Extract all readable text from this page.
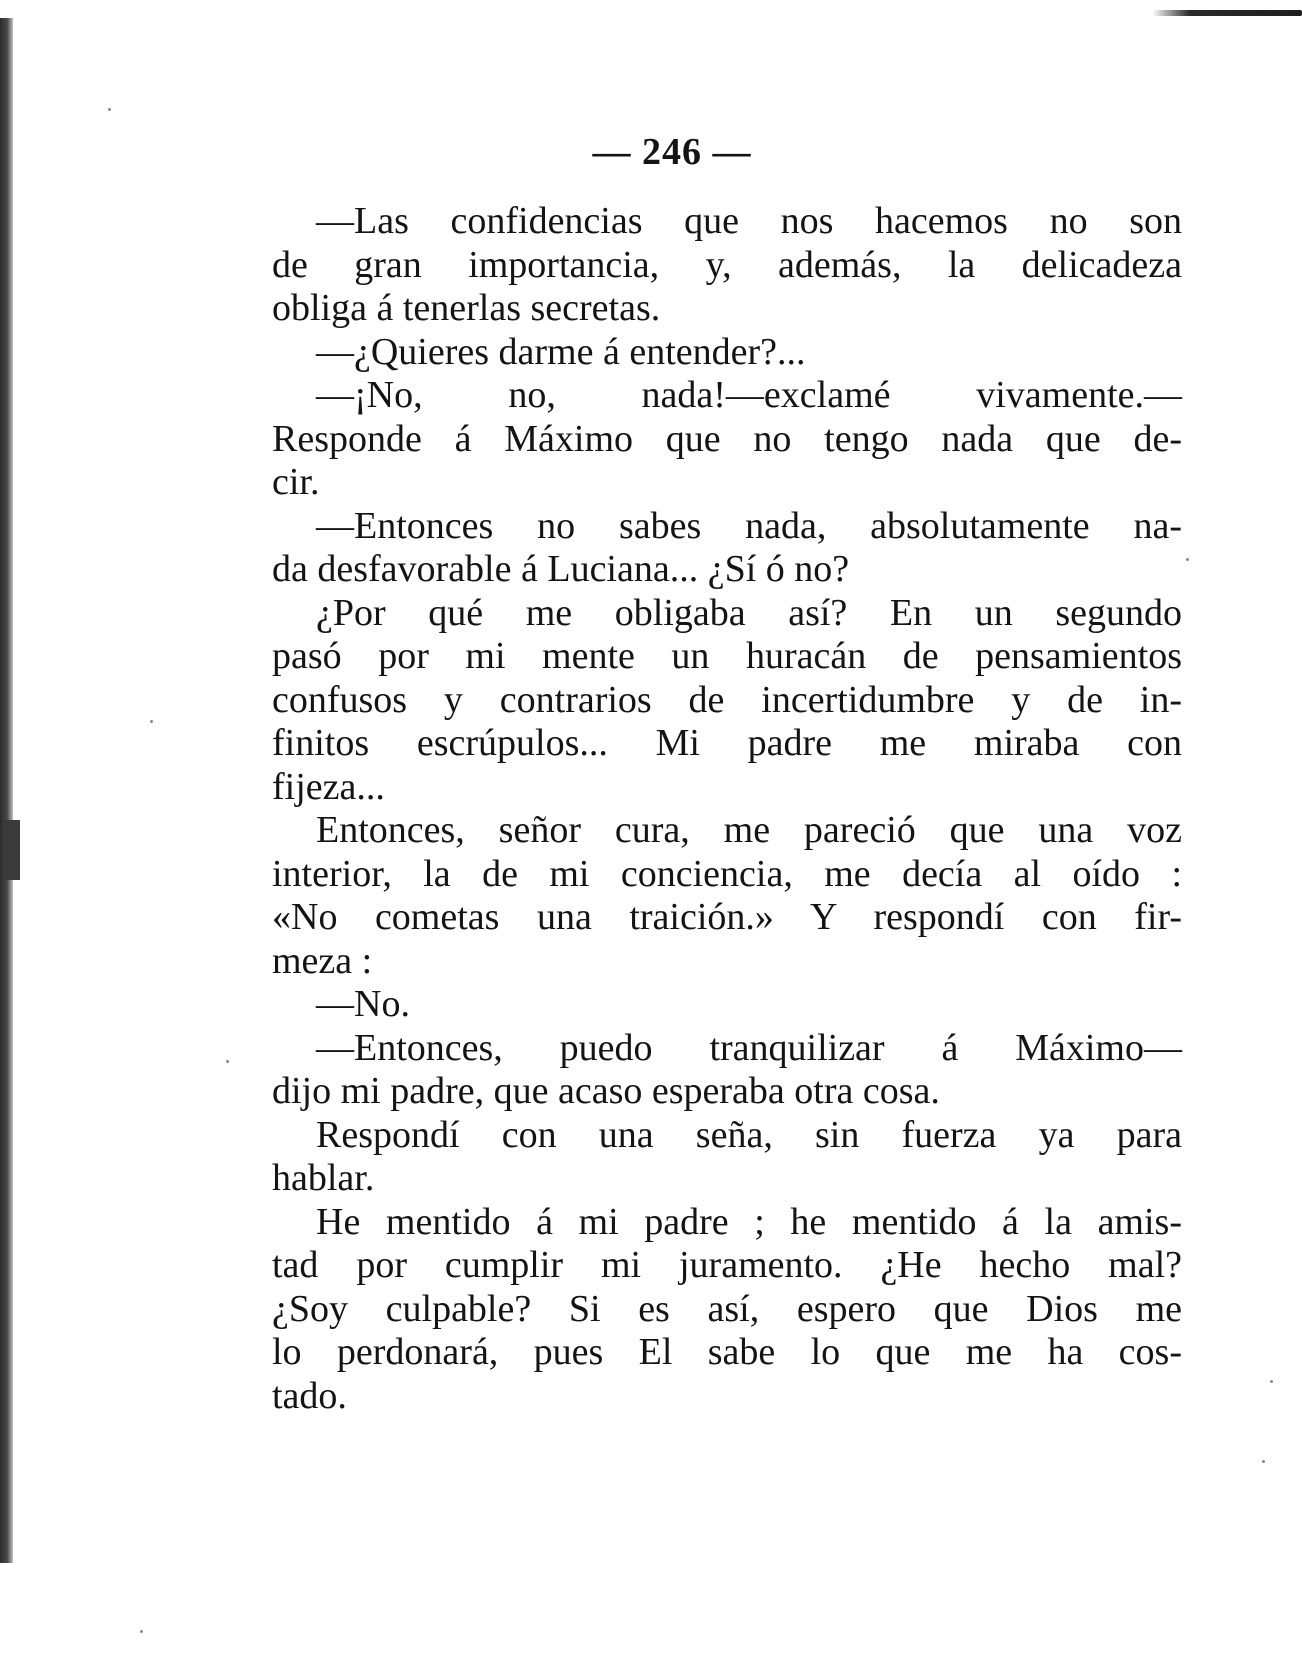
— 246 —

—Las confidencias que nos hacemos no son

de gran importancia, y, además, la delicadeza

obliga á tenerlas secretas.

—¿Quieres darme á entender?...

—¡No, no, nada!—exclamé vivamente.—

Responde á Máximo que no tengo nada que de-

cir.

—Entonces no sabes nada, absolutamente na-

da desfavorable á Luciana... ¿Sí ó no?

¿Por qué me obligaba así? En un segundo

pasó por mi mente un huracán de pensamientos

confusos y contrarios de incertidumbre y de in-

finitos escrúpulos... Mi padre me miraba con

fijeza...

Entonces, señor cura, me pareció que una voz

interior, la de mi conciencia, me decía al oído :

«No cometas una traición.» Y respondí con fir-

meza :

—No.

—Entonces, puedo tranquilizar á Máximo—

dijo mi padre, que acaso esperaba otra cosa.

Respondí con una seña, sin fuerza ya para

hablar.

He mentido á mi padre ; he mentido á la amis-

tad por cumplir mi juramento. ¿He hecho mal?

¿Soy culpable? Si es así, espero que Dios me

lo perdonará, pues El sabe lo que me ha cos-

tado.
